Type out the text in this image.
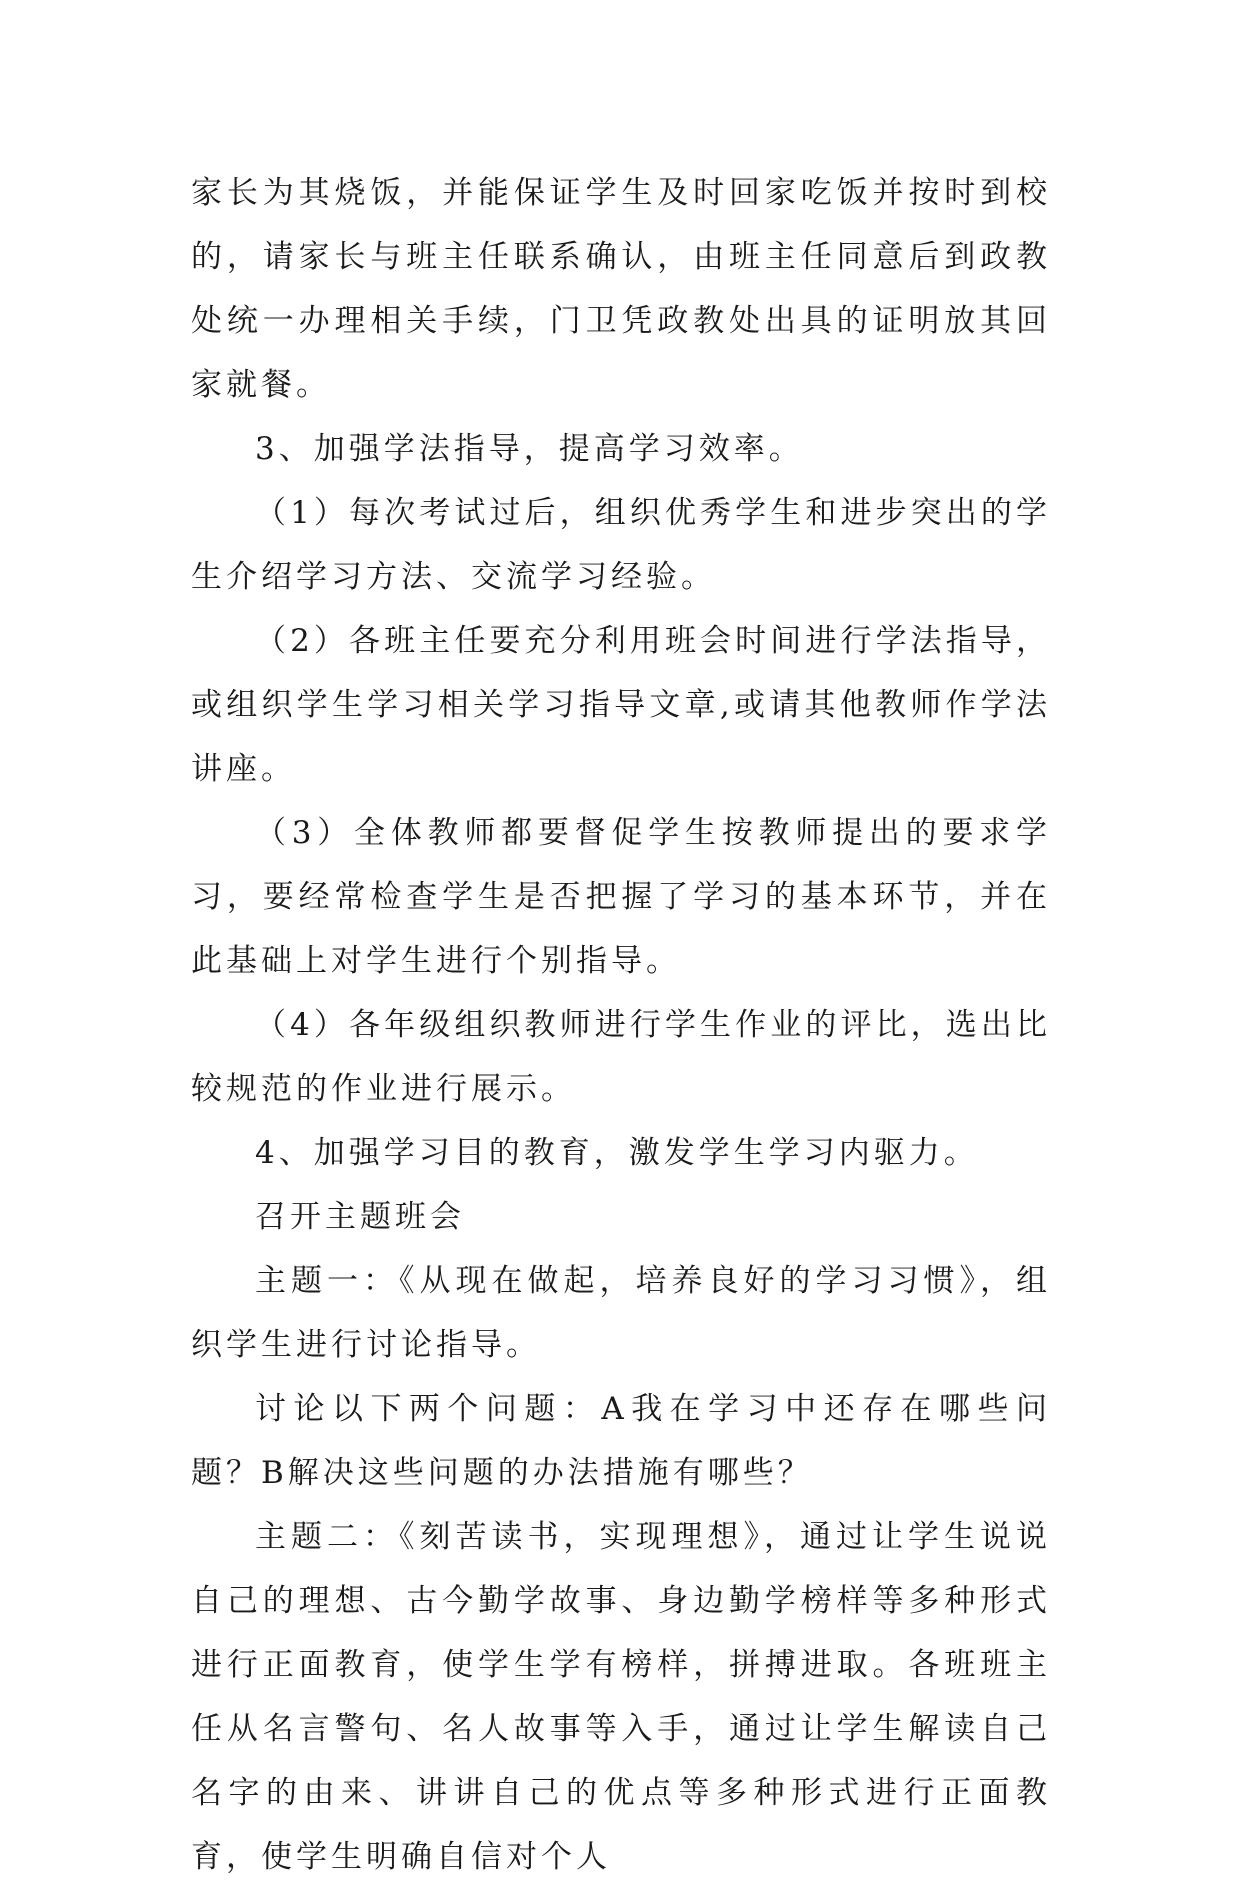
家长为其烧饭，并能保证学生及时回家吃饭并按时到校的，请家长与班主任联系确认，由班主任同意后到政教处统一办理相关手续，门卫凭政教处出具的证明放其回家就餐。

3、加强学法指导，提高学习效率。

（1）每次考试过后，组织优秀学生和进步突出的学生介绍学习方法、交流学习经验。

（2）各班主任要充分利用班会时间进行学法指导，或组织学生学习相关学习指导文章,或请其他教师作学法讲座。

（3）全体教师都要督促学生按教师提出的要求学习，要经常检查学生是否把握了学习的基本环节，并在此基础上对学生进行个别指导。

（4）各年级组织教师进行学生作业的评比，选出比较规范的作业进行展示。

4、加强学习目的教育，激发学生学习内驱力。

召开主题班会

主题一：《从现在做起，培养良好的学习习惯》，组织学生进行讨论指导。

讨论以下两个问题：A我在学习中还存在哪些问题？B解决这些问题的办法措施有哪些？

主题二：《刻苦读书，实现理想》，通过让学生说说自己的理想、古今勤学故事、身边勤学榜样等多种形式进行正面教育，使学生学有榜样，拼搏进取。各班班主任从名言警句、名人故事等入手，通过让学生解读自己名字的由来、讲讲自己的优点等多种形式进行正面教育，使学生明确自信对个人
